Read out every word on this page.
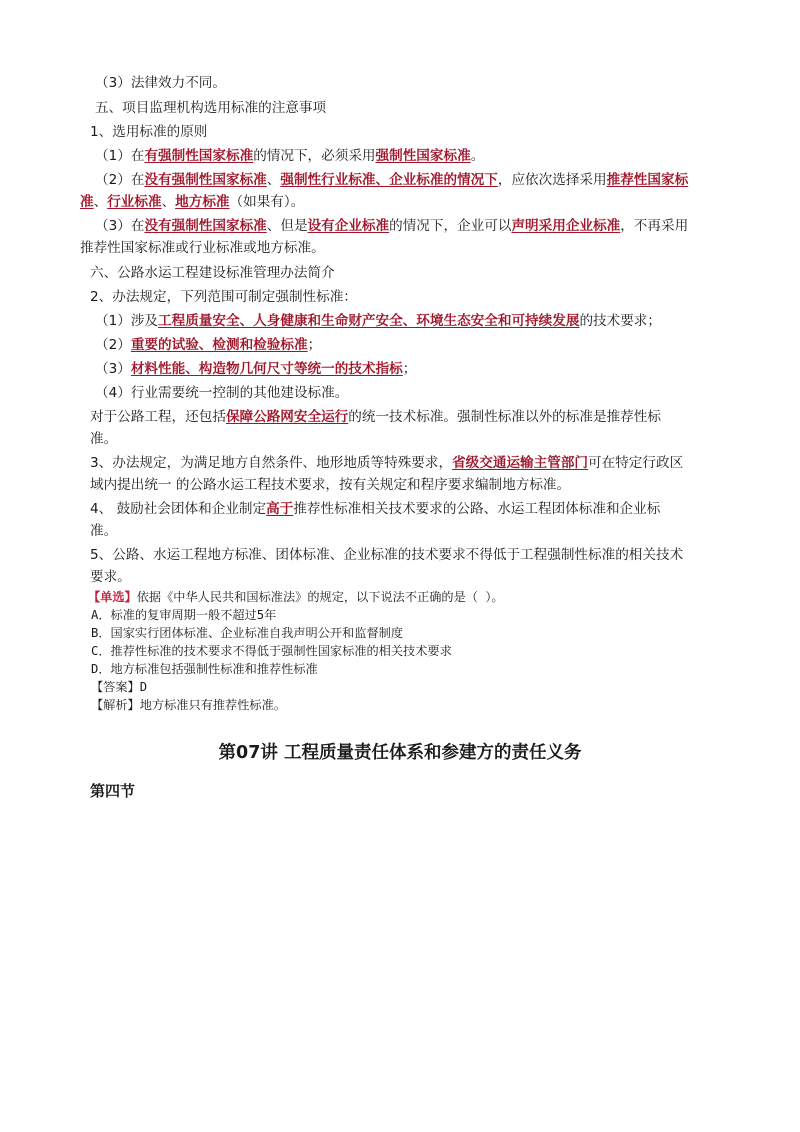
（3）法律效力不同。
五、项目监理机构选用标准的注意事项
1、选用标准的原则
（1）在有强制性国家标准的情况下，必须采用强制性国家标准。
（2）在没有强制性国家标准、强制性行业标准、企业标准的情况下，应依次选择采用推荐性国家标
准、行业标准、地方标准（如果有）。
（3）在没有强制性国家标准、但是设有企业标准的情况下，企业可以声明采用企业标准，不再采用
推荐性国家标准或行业标准或地方标准。
六、公路水运工程建设标准管理办法简介
2、办法规定，下列范围可制定强制性标准：
（1）涉及工程质量安全、人身健康和生命财产安全、环境生态安全和可持续发展的技术要求；
（2）重要的试验、检测和检验标准；
（3）材料性能、构造物几何尺寸等统一的技术指标；
（4）行业需要统一控制的其他建设标准。
对于公路工程，还包括保障公路网安全运行的统一技术标准。强制性标准以外的标准是推荐性标
准。
3、办法规定，为满足地方自然条件、地形地质等特殊要求，省级交通运输主管部门可在特定行政区
域内提出统一 的公路水运工程技术要求，按有关规定和程序要求编制地方标准。
4、 鼓励社会团体和企业制定高于推荐性标准相关技术要求的公路、水运工程团体标准和企业标
准。
5、公路、水运工程地方标准、团体标准、企业标准的技术要求不得低于工程强制性标准的相关技术
要求。
【单选】依据《中华人民共和国标准法》的规定，以下说法不正确的是（ ）。
A．标准的复审周期一般不超过5年
B．国家实行团体标准、企业标准自我声明公开和监督制度
C．推荐性标准的技术要求不得低于强制性国家标准的相关技术要求
D．地方标准包括强制性标准和推荐性标准
【答案】D
【解析】地方标准只有推荐性标准。
第07讲 工程质量责任体系和参建方的责任义务
第四节
